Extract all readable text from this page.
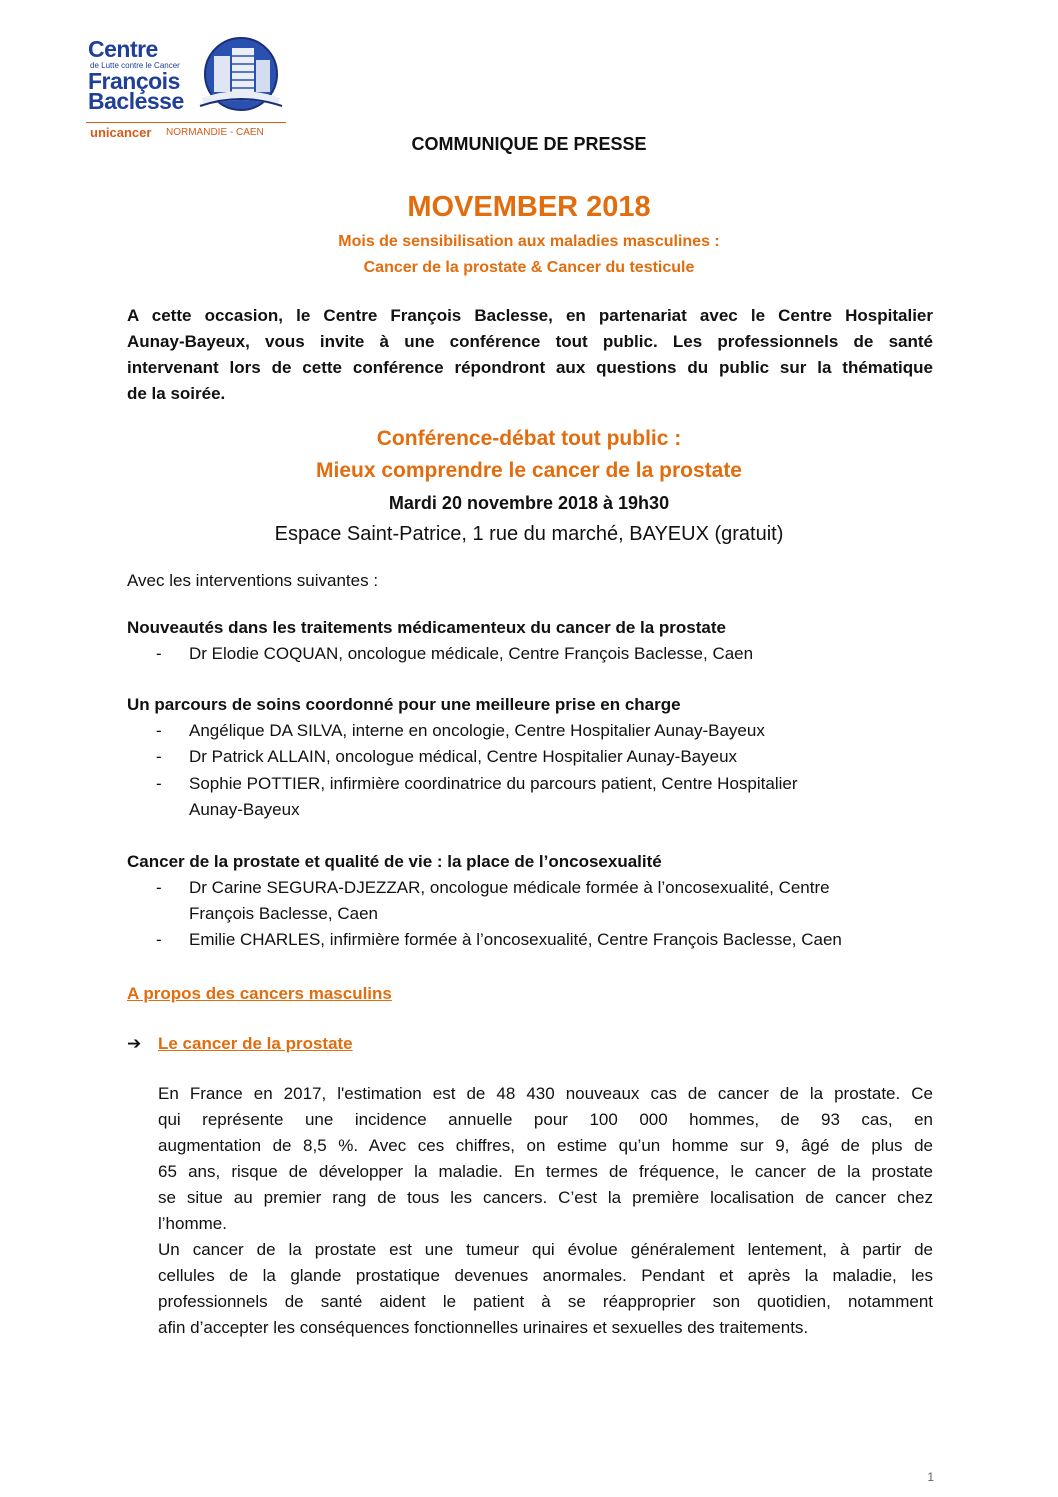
Centre
de Lutte contre le Cancer
François
Baclesse
unicancer NORMANDIE - CAEN
COMMUNIQUE DE PRESSE
MOVEMBER 2018
Mois de sensibilisation aux maladies masculines :
Cancer de la prostate & Cancer du testicule
A cette occasion, le Centre François Baclesse, en partenariat avec le Centre Hospitalier
Aunay-Bayeux, vous invite à une conférence tout public. Les professionnels de santé
intervenant lors de cette conférence répondront aux questions du public sur la thématique
de la soirée.
Conférence-débat tout public :
Mieux comprendre le cancer de la prostate
Mardi 20 novembre 2018 à 19h30
Espace Saint-Patrice, 1 rue du marché, BAYEUX (gratuit)
Avec les interventions suivantes :
Nouveautés dans les traitements médicamenteux du cancer de la prostate
- Dr Elodie COQUAN, oncologue médicale, Centre François Baclesse, Caen
Un parcours de soins coordonné pour une meilleure prise en charge
- Angélique DA SILVA, interne en oncologie, Centre Hospitalier Aunay-Bayeux
- Dr Patrick ALLAIN, oncologue médical, Centre Hospitalier Aunay-Bayeux
- Sophie POTTIER, infirmière coordinatrice du parcours patient, Centre Hospitalier
Aunay-Bayeux
Cancer de la prostate et qualité de vie : la place de l’oncosexualité
- Dr Carine SEGURA-DJEZZAR, oncologue médicale formée à l’oncosexualité, Centre
François Baclesse, Caen
- Emilie CHARLES, infirmière formée à l’oncosexualité, Centre François Baclesse, Caen
A propos des cancers masculins
➔ Le cancer de la prostate
En France en 2017, l'estimation est de 48 430 nouveaux cas de cancer de la prostate. Ce
qui représente une incidence annuelle pour 100 000 hommes, de 93 cas, en
augmentation de 8,5 %. Avec ces chiffres, on estime qu’un homme sur 9, âgé de plus de
65 ans, risque de développer la maladie. En termes de fréquence, le cancer de la prostate
se situe au premier rang de tous les cancers. C’est la première localisation de cancer chez
l’homme.
Un cancer de la prostate est une tumeur qui évolue généralement lentement, à partir de
cellules de la glande prostatique devenues anormales. Pendant et après la maladie, les
professionnels de santé aident le patient à se réapproprier son quotidien, notamment
afin d’accepter les conséquences fonctionnelles urinaires et sexuelles des traitements.
1
